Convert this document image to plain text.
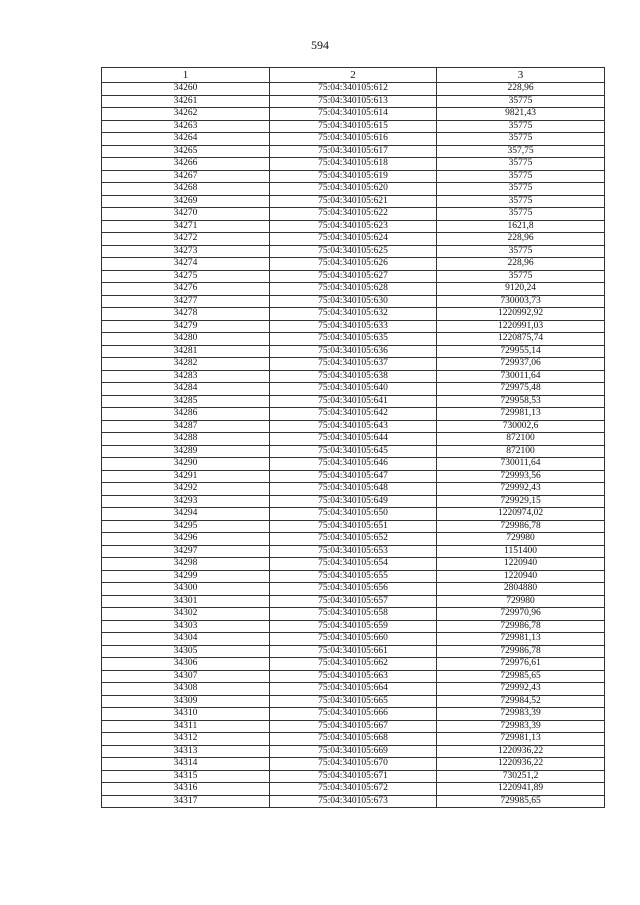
594
1	2	3
34260	75:04:340105:612	228,96
34261	75:04:340105:613	35775
34262	75:04:340105:614	9821,43
34263	75:04:340105:615	35775
34264	75:04:340105:616	35775
34265	75:04:340105:617	357,75
34266	75:04:340105:618	35775
34267	75:04:340105:619	35775
34268	75:04:340105:620	35775
34269	75:04:340105:621	35775
34270	75:04:340105:622	35775
34271	75:04:340105:623	1621,8
34272	75:04:340105:624	228,96
34273	75:04:340105:625	35775
34274	75:04:340105:626	228,96
34275	75:04:340105:627	35775
34276	75:04:340105:628	9120,24
34277	75:04:340105:630	730003,73
34278	75:04:340105:632	1220992,92
34279	75:04:340105:633	1220991,03
34280	75:04:340105:635	1220875,74
34281	75:04:340105:636	729955,14
34282	75:04:340105:637	729937,06
34283	75:04:340105:638	730011,64
34284	75:04:340105:640	729975,48
34285	75:04:340105:641	729958,53
34286	75:04:340105:642	729981,13
34287	75:04:340105:643	730002,6
34288	75:04:340105:644	872100
34289	75:04:340105:645	872100
34290	75:04:340105:646	730011,64
34291	75:04:340105:647	729993,56
34292	75:04:340105:648	729992,43
34293	75:04:340105:649	729929,15
34294	75:04:340105:650	1220974,02
34295	75:04:340105:651	729986,78
34296	75:04:340105:652	729980
34297	75:04:340105:653	1151400
34298	75:04:340105:654	1220940
34299	75:04:340105:655	1220940
34300	75:04:340105:656	2804880
34301	75:04:340105:657	729980
34302	75:04:340105:658	729970,96
34303	75:04:340105:659	729986,78
34304	75:04:340105:660	729981,13
34305	75:04:340105:661	729986,78
34306	75:04:340105:662	729976,61
34307	75:04:340105:663	729985,65
34308	75:04:340105:664	729992,43
34309	75:04:340105:665	729984,52
34310	75:04:340105:666	729983,39
34311	75:04:340105:667	729983,39
34312	75:04:340105:668	729981,13
34313	75:04:340105:669	1220936,22
34314	75:04:340105:670	1220936,22
34315	75:04:340105:671	730251,2
34316	75:04:340105:672	1220941,89
34317	75:04:340105:673	729985,65
